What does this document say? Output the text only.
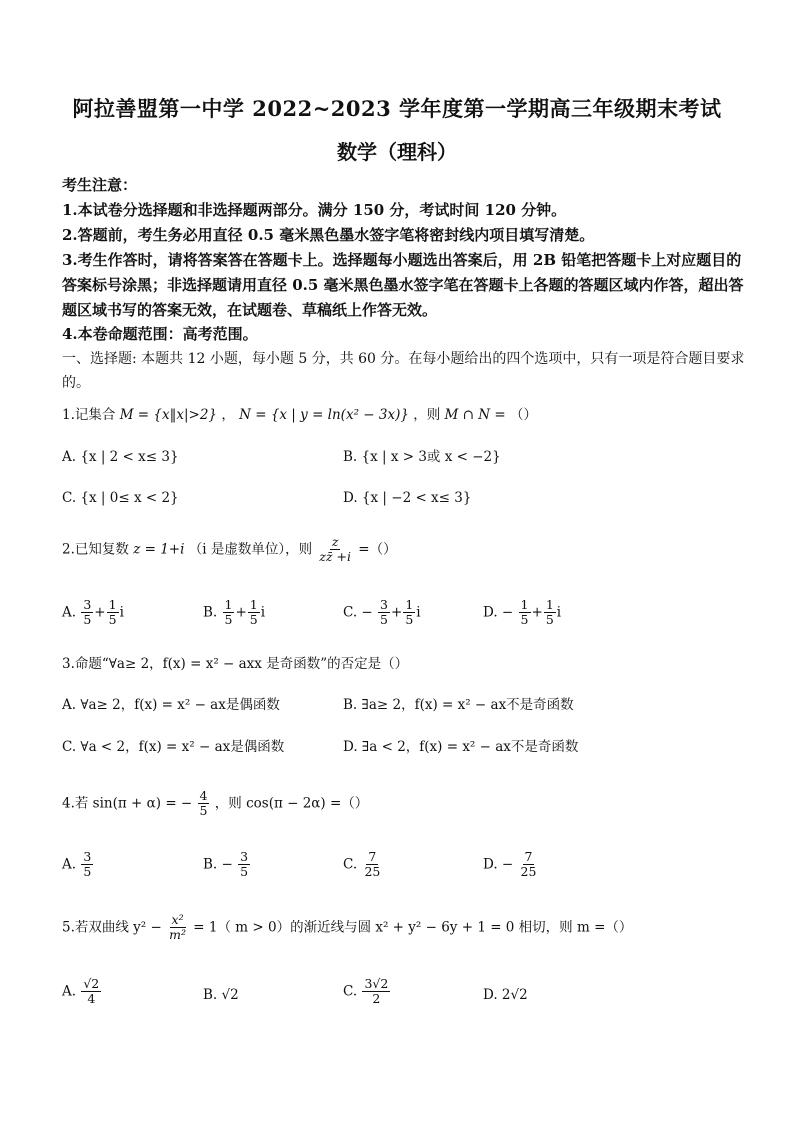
阿拉善盟第一中学 2022~2023 学年度第一学期高三年级期末考试
数学（理科）
考生注意：
1.本试卷分选择题和非选择题两部分。满分 150 分，考试时间 120 分钟。
2.答题前，考生务必用直径 0.5 毫米黑色墨水签字笔将密封线内项目填写清楚。
3.考生作答时，请将答案答在答题卡上。选择题每小题选出答案后，用 2B 铅笔把答题卡上对应题目的答案标号涂黑；非选择题请用直径 0.5 毫米黑色墨水签字笔在答题卡上各题的答题区域内作答，超出答题区域书写的答案无效，在试题卷、草稿纸上作答无效。
4.本卷命题范围：高考范围。
一、选择题: 本题共 12 小题，每小题 5 分，共 60 分。在每小题给出的四个选项中，只有一项是符合题目要求的。
1.记集合 M = {x‖x|>2} ， N = {x | y = ln(x² − 3x)} ，则 M ∩ N = （）
A. {x | 2 < x≤ 3}	B. {x | x > 3或 x < −2}
C. {x | 0≤ x < 2}	D. {x | −2 < x≤ 3}
2.已知复数 z = 1+i （i 是虚数单位），则 $\frac{z}{zz̄ +i}$ =（）
A. $\frac{3}{5} + \frac{1}{5}$ i	B. $\frac{1}{5} + \frac{1}{5}$ i	C. − $\frac{3}{5} + \frac{1}{5}$ i	D. − $\frac{1}{5} + \frac{1}{5}$ i
3.命题“∀a≥ 2，f(x) = x² − axx 是奇函数”的否定是（）
A. ∀a≥ 2，f(x) = x² − ax是偶函数	B. ∃a≥ 2，f(x) = x² − ax不是奇函数
C. ∀a < 2，f(x) = x² − ax是偶函数	D. ∃a < 2，f(x) = x² − ax不是奇函数
4.若 sin(π + α) = − $\frac{4}{5}$ ，则 cos(π − 2α) =（）
A. $\frac{3}{5}$	B. − $\frac{3}{5}$	C. $\frac{7}{25}$	D. − $\frac{7}{25}$
5.若双曲线 $y^2 - \frac{\text{x²}}{\text{m²}} = 1$（ m > 0）的渐近线与圆 x² + y² − 6y + 1 = 0 相切，则 m =（）
A. $\frac{√2}{4}$	B. √2	C. $\frac{3√2}{2}$	D. 2√2
